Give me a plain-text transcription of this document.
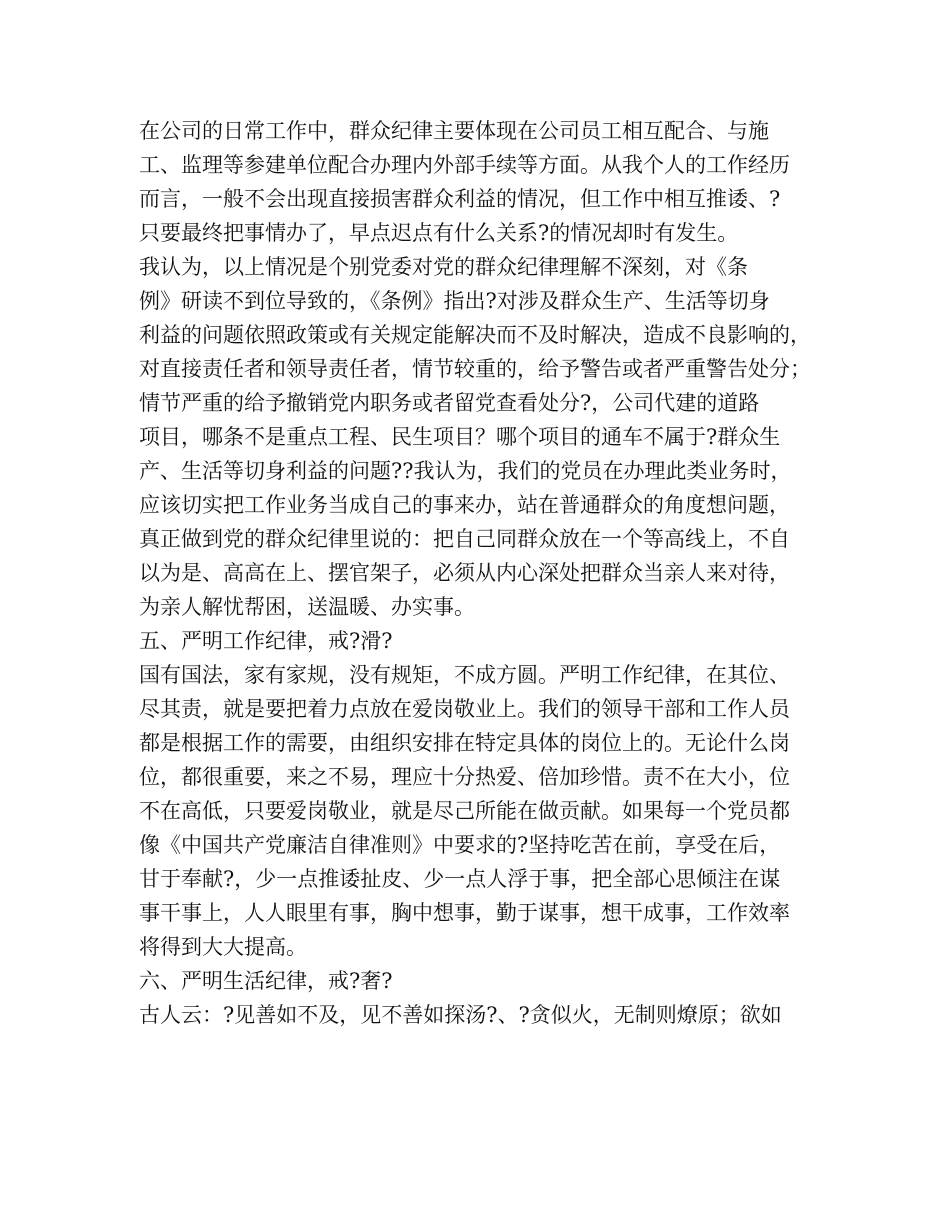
在公司的日常工作中，群众纪律主要体现在公司员工相互配合、与施
工、监理等参建单位配合办理内外部手续等方面。从我个人的工作经历
而言，一般不会出现直接损害群众利益的情况，但工作中相互推诿、?
只要最终把事情办了，早点迟点有什么关系?的情况却时有发生。
我认为，以上情况是个别党委对党的群众纪律理解不深刻，对《条
例》研读不到位导致的，《条例》指出?对涉及群众生产、生活等切身
利益的问题依照政策或有关规定能解决而不及时解决，造成不良影响的，
对直接责任者和领导责任者，情节较重的，给予警告或者严重警告处分；
情节严重的给予撤销党内职务或者留党查看处分?，公司代建的道路
项目，哪条不是重点工程、民生项目？哪个项目的通车不属于?群众生
产、生活等切身利益的问题??我认为，我们的党员在办理此类业务时，
应该切实把工作业务当成自己的事来办，站在普通群众的角度想问题，
真正做到党的群众纪律里说的：把自己同群众放在一个等高线上，不自
以为是、高高在上、摆官架子，必须从内心深处把群众当亲人来对待，
为亲人解忧帮困，送温暖、办实事。
五、严明工作纪律，戒?滑?
国有国法，家有家规，没有规矩，不成方圆。严明工作纪律，在其位、
尽其责，就是要把着力点放在爱岗敬业上。我们的领导干部和工作人员
都是根据工作的需要，由组织安排在特定具体的岗位上的。无论什么岗
位，都很重要，来之不易，理应十分热爱、倍加珍惜。责不在大小，位
不在高低，只要爱岗敬业，就是尽己所能在做贡献。如果每一个党员都
像《中国共产党廉洁自律准则》中要求的?坚持吃苦在前，享受在后，
甘于奉献?，少一点推诿扯皮、少一点人浮于事，把全部心思倾注在谋
事干事上，人人眼里有事，胸中想事，勤于谋事，想干成事，工作效率
将得到大大提高。
六、严明生活纪律，戒?奢?
古人云：?见善如不及，见不善如探汤?、?贪似火，无制则燎原；欲如
